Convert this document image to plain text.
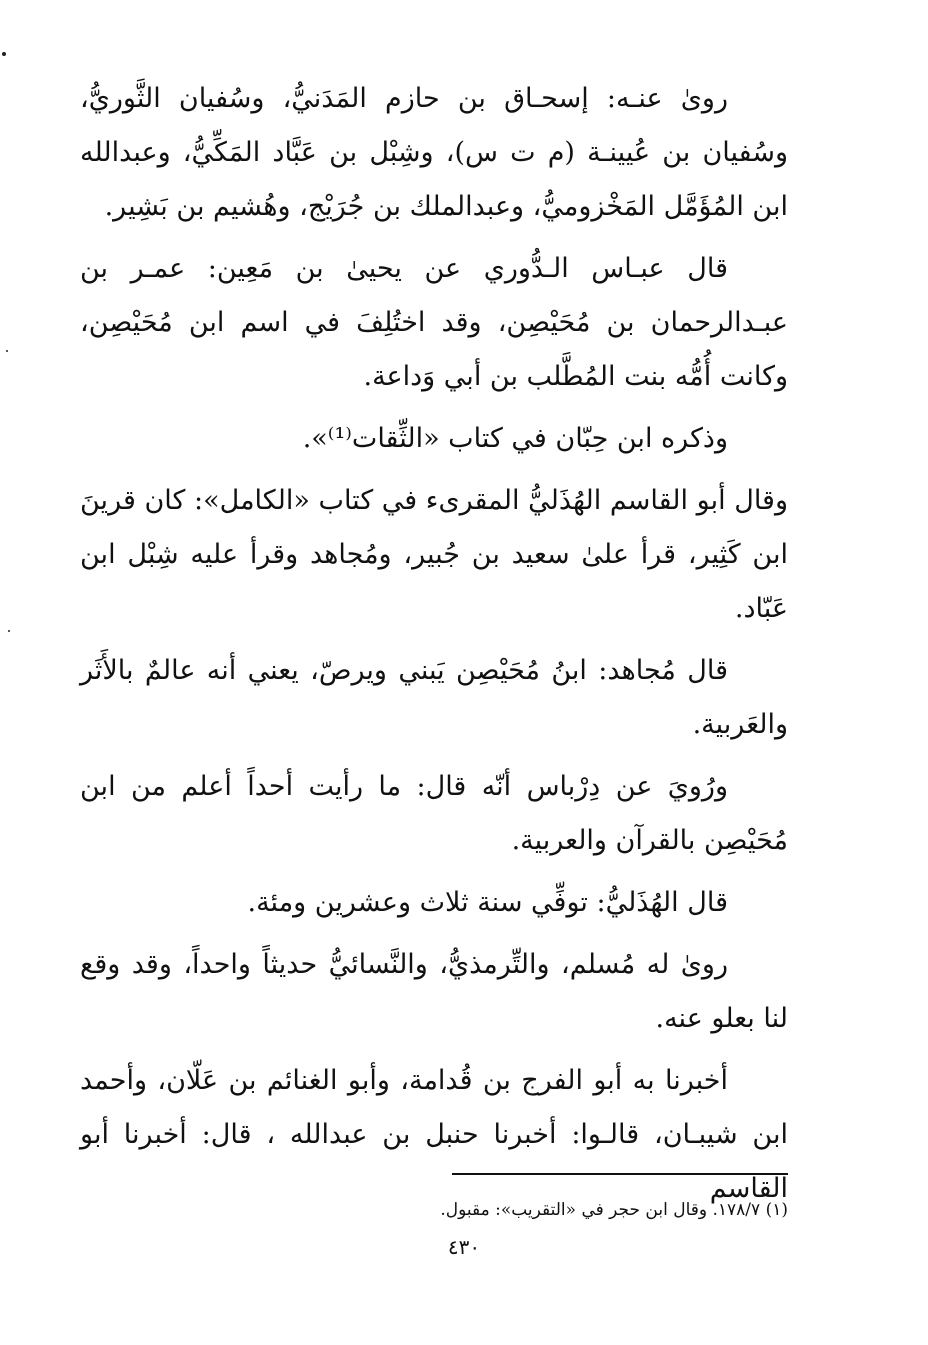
رویٰ عنـه: إسحـاق بن حازم المَدَنيُّ، وسُفيان الثَّوريُّ، وسُفيان بن عُيينـة (م ت س)، وشِبْل بن عَبَّاد المَكِّيُّ، وعبدالله ابن المُؤَمَّل المَخْزوميُّ، وعبدالملك بن جُرَيْج، وهُشيم بن بَشِير.

قال عبـاس الـدُّوري عن يحيیٰ بن مَعِين: عمـر بن عبـدالرحمان بن مُحَيْصِن، وقد اختُلِفَ في اسم ابن مُحَيْصِن، وكانت أُمُّه بنت المُطَّلب بن أبي وَداعة.

وذكره ابن حِبّان في كتاب «الثِّقات⁽¹⁾».

وقال أبو القاسم الهُذَليُّ المقرىء في كتاب «الكامل»: كان قرينَ ابن كَثِير، قرأ علیٰ سعيد بن جُبير، ومُجاهد وقرأ عليه شِبْل ابن عَبّاد.

قال مُجاهد: ابنُ مُحَيْصِن يَبني ويرصّ، يعني أنه عالمٌ بالأَثَر والعَربية.

ورُويَ عن دِرْباس أنّه قال: ما رأيت أحداً أعلم من ابن مُحَيْصِن بالقرآن والعربية.

قال الهُذَليُّ: توفِّي سنة ثلاث وعشرين ومئة.

رویٰ له مُسلم، والتِّرمذيُّ، والنَّسائيُّ حديثاً واحداً، وقد وقع لنا بعلو عنه.

أخبرنا به أبو الفرج بن قُدامة، وأبو الغنائم بن عَلّان، وأحمد ابن شيبـان، قالـوا: أخبرنا حنبل بن عبدالله ، قال: أخبرنا أبو القاسم

(١) ١٧٨/٧. وقال ابن حجر في «التقريب»: مقبول.
٤٣٠
